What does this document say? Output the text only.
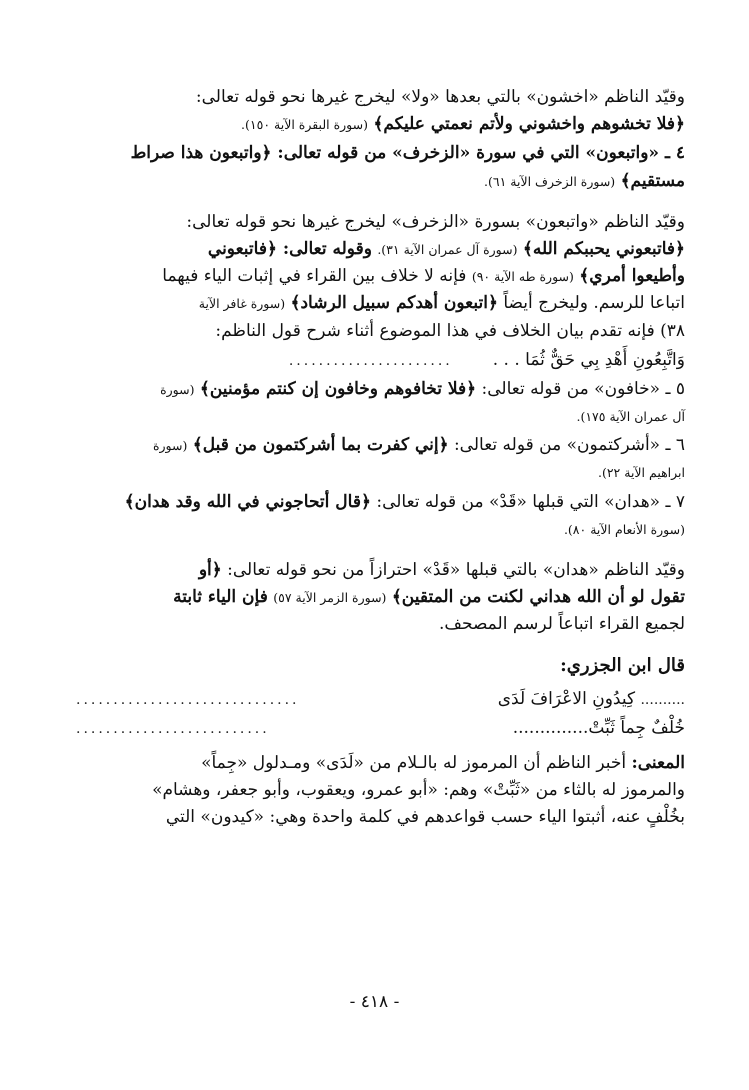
وقيّد الناظم «اخشون» بالتي بعدها «ولا» ليخرج غيرها نحو قوله تعالى:

﴿فلا تخشوهم واخشوني ولأتم نعمتي عليكم﴾ (سورة البقرة الآية ١٥٠).

٤ ـ «واتبعون» التي في سورة «الزخرف» من قوله تعالى: ﴿واتبعون هذا صراط

مستقيم﴾ (سورة الزخرف الآية ٦١).

وقيّد الناظم «واتبعون» بسورة «الزخرف» ليخرج غيرها نحو قوله تعالى:

﴿فاتبعوني يحببكم الله﴾ (سورة آل عمران الآية ٣١). وقوله تعالى: ﴿فاتبعوني

وأطيعوا أمري﴾ (سورة طه الآية ٩٠) فإنه لا خلاف بين القراء في إثبات الياء فيهما

اتباعا للرسم. وليخرج أيضاً ﴿اتبعون أهدكم سبيل الرشاد﴾ (سورة غافر الآية

٣٨) فإنه تقدم بيان الخلاف في هذا الموضوع أثناء شرح قول الناظم:

وَاتَّبِعُونِ أَهْدِ بِي حَقٌّ ثُمَا . . .
......................

٥ ـ «خافون» من قوله تعالى: ﴿فلا تخافوهم وخافون إن كنتم مؤمنين﴾ (سورة

آل عمران الآية ١٧٥).

٦ ـ «أشركتمون» من قوله تعالى: ﴿إني كفرت بما أشركتمون من قبل﴾ (سورة

ابراهيم الآية ٢٢).

٧ ـ «هدان» التي قبلها «قَدْ» من قوله تعالى: ﴿قال أتحاجوني في الله وقد هدان﴾

(سورة الأنعام الآية ٨٠).

وقيّد الناظم «هدان» بالتي قبلها «قَدْ» احترازاً من نحو قوله تعالى: ﴿أو

تقول لو أن الله هداني لكنت من المتقين﴾ (سورة الزمر الآية ٥٧) فإن الياء ثابتة

لجميع القراء اتباعاً لرسم المصحف.

قال ابن الجزري:

.......... كِيدُونِ الاعْرَافَ لَدَى
..............................
خُلْفٌ جِماً ثَبِّتْ..............
..........................

المعنى: أخبر الناظم أن المرموز له بالـلام من «لَدَى» ومـدلول «جِماً»

والمرموز له بالثاء من «ثَبِّتْ» وهم: «أبو عمرو، ويعقوب، وأبو جعفر، وهشام»

بخُلْفٍ عنه، أثبتوا الياء حسب قواعدهم في كلمة واحدة وهي: «كيدون» التي

- ٤١٨ -
